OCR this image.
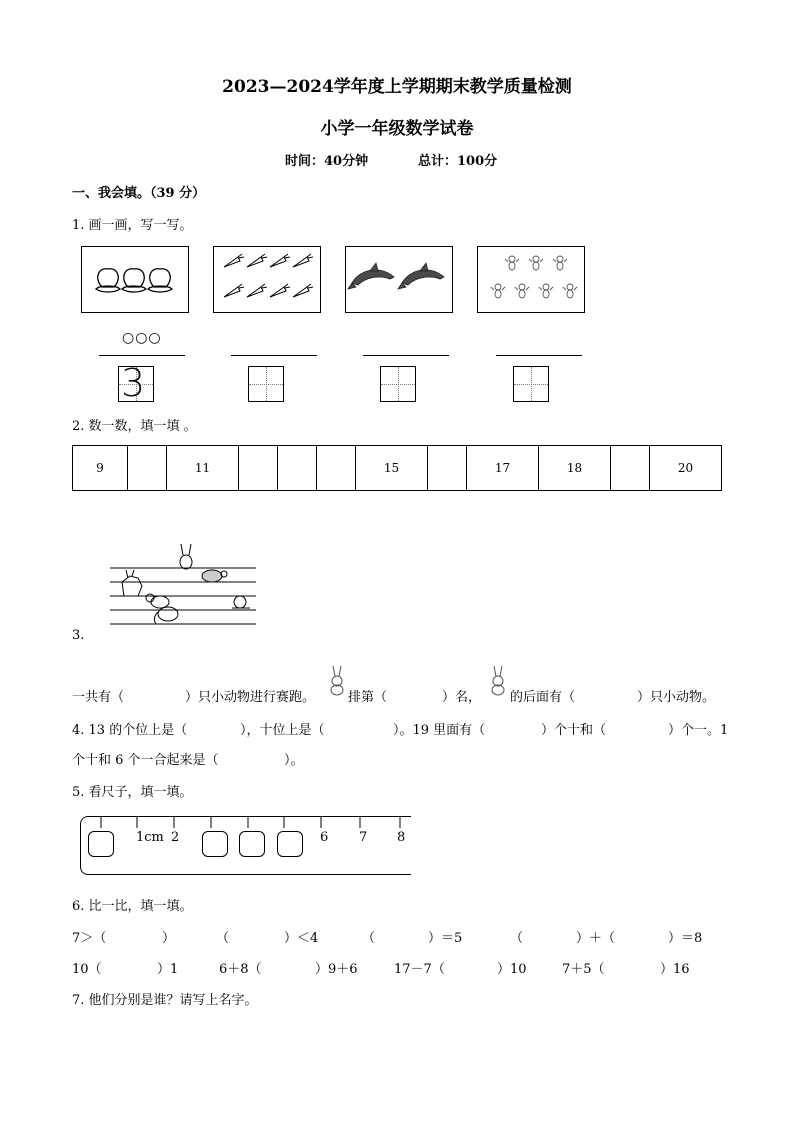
2023—2024学年度上学期期末教学质量检测
小学一年级数学试卷
时间：40分钟	总计：100分
一、我会填。（39 分）
1. 画一画，写一写。
○○○
3
2. 数一数，填一填 。
9		11				15		17	18		20
3.
一共有（	）只小动物进行赛跑。	排第（	）名， 的后面有（	）只小动物。
4. 13 的个位上是（	），十位上是（	）。19 里面有（	）个十和（	）个一。1
个十和 6 个一合起来是（	）。
5. 看尺子，填一填。
1cm 2	6 7 8
6. 比一比，填一填。
7＞（	）	（	）＜4	（	）＝5	（	）＋（	）＝8
10（	）1	6＋8（	）9＋6	17－7（	）10	7＋5（	）16
7. 他们分别是谁？请写上名字。
